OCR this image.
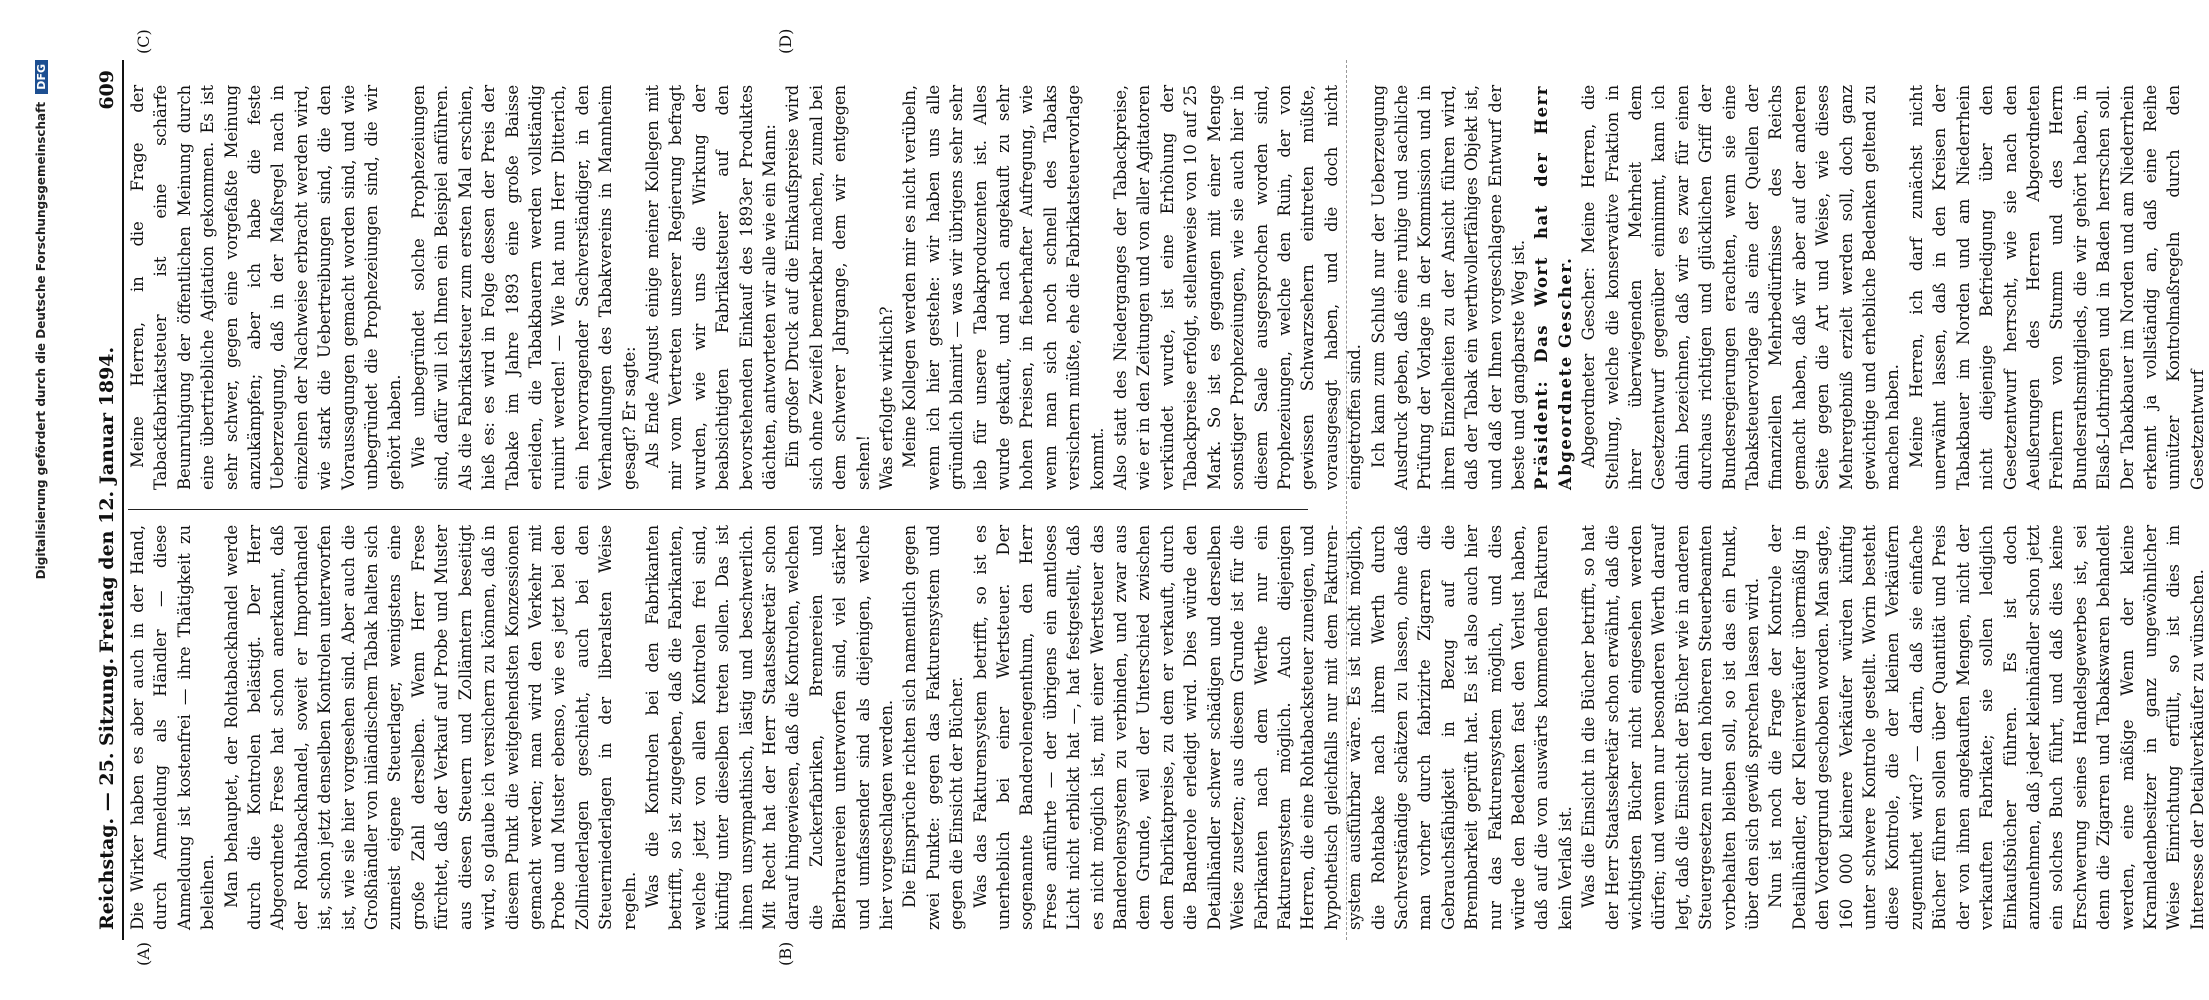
Digitalisierung gefördert durch die Deutsche Forschungsgemeinschaft DFG
Reichstag. — 25. Sitzung.
Freitag den 12. Januar 1894.
609
(A)	(B)
(C)	(D)

Die Wirker haben es aber auch in der Hand, durch Anmeldung als Händler — diese Anmeldung ist kostenfrei — ihre Thätigkeit zu beleihen. Man behauptet, der Rohtabackhandel werde durch die Kontrolen belästigt. Der Herr Abgeordnete Frese hat schon anerkannt, daß der Rohtabackhandel, soweit er Importhandel ist, schon jetzt denselben Kontrolen unterworfen ist, wie sie hier vorgesehen sind. Aber auch die Großhändler von inländischem Tabak halten sich zumeist eigene Steuerlager, wenigstens eine große Zahl derselben. Wenn Herr Frese fürchtet, daß der Verkauf auf Probe und Muster aus diesen Steuern und Zollämtern beseitigt wird, so glaube ich versichern zu können, daß in diesem Punkt die weitgehendsten Konzessionen gemacht werden; man wird den Verkehr mit Probe und Muster ebenso, wie es jetzt bei den Zollniederlagen geschieht, auch bei den Steuerniederlagen in der liberalsten Weise regeln. Was die Kontrolen bei den Fabrikanten betrifft, so ist zugegeben, daß die Fabrikanten, welche jetzt von allen Kontrolen frei sind, künftig unter dieselben treten sollen. Das ist ihnen unsympathisch, lästig und beschwerlich. Mit Recht hat der Herr Staatssekretär schon darauf hingewiesen, daß die Kontrolen, welchen die Zuckerfabriken, Brennereien und Bierbrauereien unterworfen sind, viel stärker und umfassender sind als diejenigen, welche hier vorgeschlagen werden. Die Einsprüche richten sich namentlich gegen zwei Punkte: gegen das Fakturensystem und gegen die Einsicht der Bücher. Was das Fakturensystem betrifft, so ist es unerheblich bei einer Wertsteuer. Der sogenannte Banderolenegenthum, den Herr Frese anführte — der übrigens ein amtloses Licht nicht erblickt hat —, hat festgestellt, daß es nicht möglich ist, mit einer Wertsteuer das Banderolensystem zu verbinden, und zwar aus dem Grunde, weil der Unterschied zwischen dem Fabrikatpreise, zu dem er verkauft, durch die Banderole erledigt wird. Dies würde den Detailhändler schwer schädigen und derselben Weise zusetzen; aus diesem Grunde ist für die Fabrikanten nach dem Werthe nur ein Fakturensystem möglich. Auch diejenigen Herren, die eine Rohtabacksteuer zuneigen, und hypothetisch gleichfalls nur mit dem Fakturen-system ausführbar wäre. Es ist nicht möglich, die Rohtabake nach ihrem Werth durch Sachverständige schätzen zu lassen, ohne daß man vorher durch fabrizirte Zigarren die Gebrauchsfähigkeit in Bezug auf die Brennbarkeit geprüft hat. Es ist also auch hier nur das Fakturensystem möglich, und dies würde den Bedenken fast den Verlust haben, daß auf die von auswärts kommenden Fakturen kein Verlaß ist. Was die Einsicht in die Bücher betrifft, so hat der Herr Staatssekretär schon erwähnt, daß die wichtigsten Bücher nicht eingesehen werden dürfen; und wenn nur besonderen Werth darauf legt, daß die Einsicht der Bücher wie in anderen Steuergesetzen nur den höheren Steuerbeamten vorbehalten bleiben soll, so ist das ein Punkt, über den sich gewiß sprechen lassen wird. Nun ist noch die Frage der Kontrole der Detailhändler, der Kleinverkäufer übermäßig in den Vordergrund geschoben worden. Man sagte, 160 000 kleinere Verkäufer würden künftig unter schwere Kontrole gestellt. Worin besteht diese Kontrole, die der kleinen Verkäufern zugemuthet wird? — darin, daß sie einfache Bücher führen sollen über Quantität und Preis der von ihnen angekauften Mengen, nicht der verkauften Fabrikate; sie sollen lediglich Einkaufsbücher führen. Es ist doch anzunehmen, daß jeder kleinhändler schon jetzt ein solches Buch führt, und daß dies keine Erschwerung seines Handelsgewerbes ist, sei denn die Zigarren und Tabakswaren behandelt werden, eine mäßige Wenn der kleine Kramladenbesitzer in ganz ungewöhnlicher Weise Einrichtung erfüllt, so ist dies im Interesse der Detailverkäufer zu wünschen.

Meine Herren, in die Frage der Tabackfabrikatsteuer ist eine schärfe Beunruhigung der öffentlichen Meinung durch eine übertriebliche Agitation gekommen. Es ist sehr schwer, gegen eine vorgefaßte Meinung anzukämpfen; aber ich habe die feste Ueberzeugung, daß in der Maßregel nach in einzelnen der Nachweise erbracht werden wird, wie stark die Uebertreibungen sind, die den Voraussagungen gemacht worden sind, und wie unbegründet die Prophezeiungen sind, die wir gehört haben. Wie unbegründet solche Prophezeiungen sind, dafür will ich Ihnen ein Beispiel anführen. Als die Fabrikatsteuer zum ersten Mal erschien, hieß es: es wird in Folge dessen der Preis der Tabake im Jahre 1893 eine große Baisse erleiden, die Tabakbauern werden vollständig ruinirt werden! — Wie hat nun Herr Ditterich, ein hervorragender Sachverständiger, in den Verhandlungen des Tabakvereins in Mannheim gesagt? Er sagte: Als Ende August einige meiner Kollegen mit mir vom Vertreten unserer Regierung befragt wurden, wie wir uns die Wirkung der beabsichtigten Fabrikatsteuer auf den bevorstehenden Einkauf des 1893er Produktes dächten, antworteten wir alle wie ein Mann: Ein großer Druck auf die Einkaufspreise wird sich ohne Zweifel bemerkbar machen, zumal bei dem schwerer Jahrgange, dem wir entgegen sehen! Was erfolgte wirklich? Meine Kollegen werden mir es nicht verübeln, wenn ich hier gestehe: wir haben uns alle gründlich blamirt — was wir übrigens sehr sehr lieb für unsere Tabakproduzenten ist. Alles wurde gekauft, und nach angekauft zu sehr hohen Preisen, in fieberhafter Aufregung, wie wenn man sich noch schnell des Tabaks versichern müßte, ehe die Fabrikatsteuervorlage kommt. Also statt des Niederganges der Tabackpreise, wie er in den Zeitungen und von aller Agitatoren verkündet wurde, ist eine Erhöhung der Tabackpreise erfolgt, stellenweise von 10 auf 25 Mark. So ist es gegangen mit einer Menge sonstiger Prophezeiungen, wie sie auch hier in diesem Saale ausgesprochen worden sind, Prophezeiungen, welche den Ruin, der von gewissen Schwarzsehern eintreten müßte, vorausgesagt haben, und die doch nicht eingetroffen sind. Ich kann zum Schluß nur der Ueberzeugung Ausdruck geben, daß eine ruhige und sachliche Prüfung der Vorlage in der Kommission und in ihren Einzelheiten zu der Ansicht führen wird, daß der Tabak ein werthvollerfähiges Objekt ist, und daß der Ihnen vorgeschlagene Entwurf der beste und gangbarste Weg ist. Präsident: Das Wort hat der Herr Abgeordnete Gescher. Abgeordneter Gescher: Meine Herren, die Stellung, welche die konservative Fraktion in ihrer überwiegenden Mehrheit dem Gesetzentwurf gegenüber einnimmt, kann ich dahin bezeichnen, daß wir es zwar für einen durchaus richtigen und glücklichen Griff der Bundesregierungen erachten, wenn sie eine Tabaksteuervorlage als eine der Quellen der finanziellen Mehrbedürfnisse des Reichs gemacht haben, daß wir aber auf der anderen Seite gegen die Art und Weise, wie dieses Mehrergebniß erzielt werden soll, doch ganz gewichtige und erhebliche Bedenken geltend zu machen haben. Meine Herren, ich darf zunächst nicht unerwähnt lassen, daß in den Kreisen der Tabakbauer im Norden und am Niederrhein nicht diejenige Befriedigung über den Gesetzentwurf herrscht, wie sie nach den Aeußerungen des Herren Abgeordneten Freiherrn von Stumm und des Herrn Bundesrathsmitglieds, die wir gehört haben, in Elsaß-Lothringen und in Baden herrschen soll. Der Tabakbauer im Norden und am Niederrhein erkennt ja vollständig an, daß eine Reihe unnützer Kontrolmaßregeln durch den Gesetzentwurf
